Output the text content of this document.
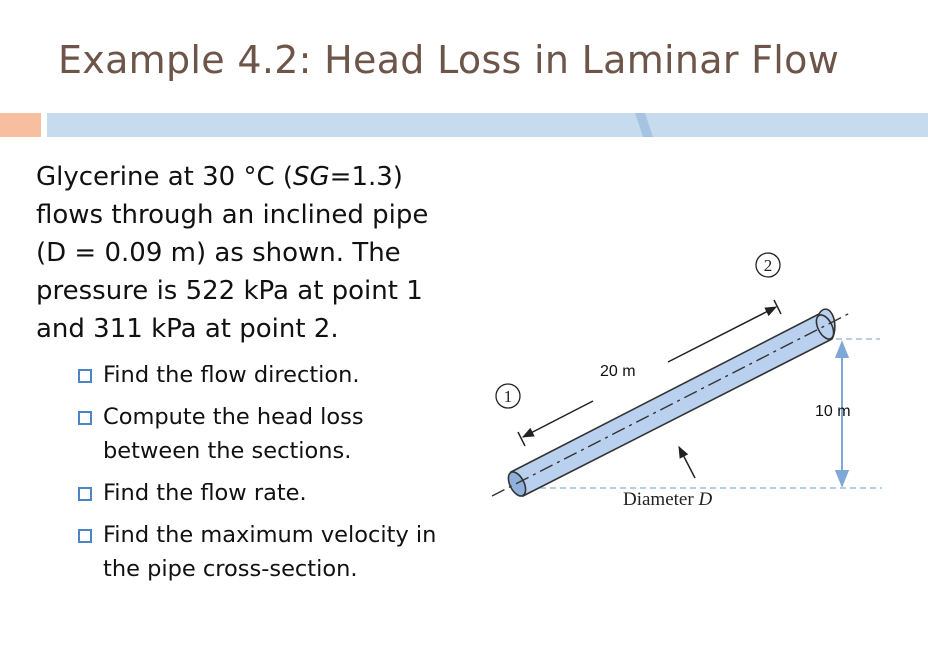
Example 4.2: Head Loss in Laminar Flow

Glycerine at 30 °C (SG=1.3)

flows through an inclined pipe

(D = 0.09 m) as shown. The

pressure is 522 kPa at point 1

and 311 kPa at point 2.

Find the flow direction.
Compute the head loss between the sections.
Find the flow rate.
Find the maximum velocity in the pipe cross-section.
20 m
10 m
Diameter D
1
2
